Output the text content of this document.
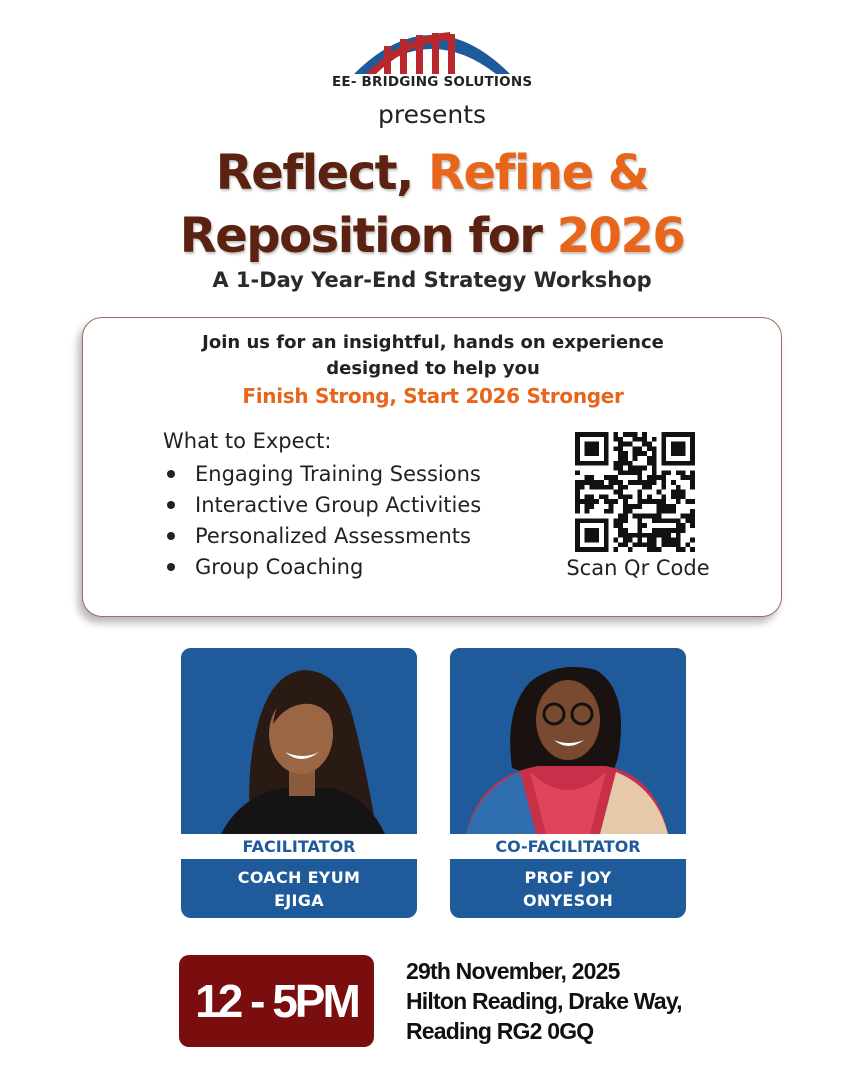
EE- BRIDGING SOLUTIONS
presents
Reflect, Refine &
Reposition for 2026
A 1-Day Year-End Strategy Workshop
Join us for an insightful, hands on experience
designed to help you
Finish Strong, Start 2026 Stronger
What to Expect:
Engaging Training Sessions
Interactive Group Activities
Personalized Assessments
Group Coaching	Scan Qr Code
FACILITATOR
COACH EYUM
EJIGA
CO-FACILITATOR
PROF JOY
ONYESOH
12 - 5PM
29th November, 2025
Hilton Reading, Drake Way,
Reading RG2 0GQ
